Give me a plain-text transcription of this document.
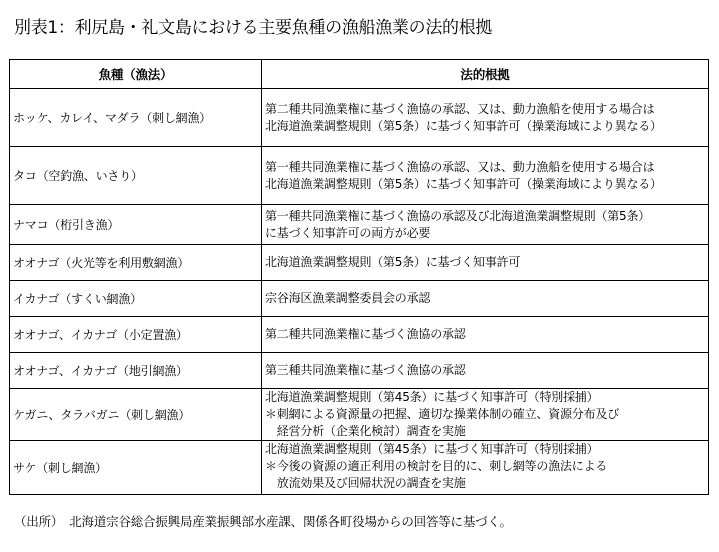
別表1：利尻島・礼文島における主要魚種の漁船漁業の法的根拠
魚種（漁法）	法的根拠
ホッケ、カレイ、マダラ（刺し網漁）	第二種共同漁業権に基づく漁協の承認、又は、動力漁船を使用する場合は
北海道漁業調整規則（第5条）に基づく知事許可（操業海域により異なる）

タコ（空釣漁、いさり）	第一種共同漁業権に基づく漁協の承認、又は、動力漁船を使用する場合は
北海道漁業調整規則（第5条）に基づく知事許可（操業海域により異なる）

ナマコ（桁引き漁）	第一種共同漁業権に基づく漁協の承認及び北海道漁業調整規則（第5条）
に基づく知事許可の両方が必要

オオナゴ（火光等を利用敷網漁）	北海道漁業調整規則（第5条）に基づく知事許可

イカナゴ（すくい網漁）	宗谷海区漁業調整委員会の承認

オオナゴ、イカナゴ（小定置漁）	第二種共同漁業権に基づく漁協の承認

オオナゴ、イカナゴ（地引網漁）	第三種共同漁業権に基づく漁協の承認

ケガニ、タラバガニ（刺し網漁）	北海道漁業調整規則（第45条）に基づく知事許可（特別採捕）
＊刺網による資源量の把握、適切な操業体制の確立、資源分布及び
　経営分析（企業化検討）調査を実施

サケ（刺し網漁）	北海道漁業調整規則（第45条）に基づく知事許可（特別採捕）
＊今後の資源の適正利用の検討を目的に、刺し網等の漁法による
　放流効果及び回帰状況の調査を実施
（出所）　北海道宗谷総合振興局産業振興部水産課、関係各町役場からの回答等に基づく。
